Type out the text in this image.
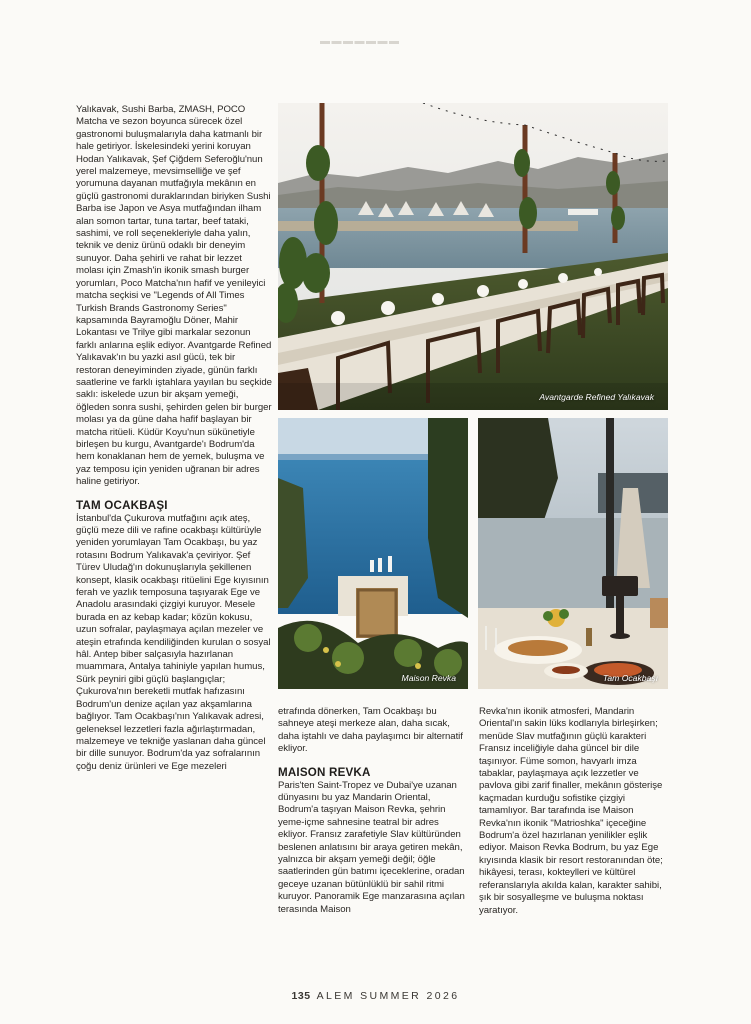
▬▬▬▬▬▬▬

Yalıkavak, Sushi Barba, ZMASH, POCO Matcha ve sezon boyunca sürecek özel gastronomi buluşmalarıyla daha katmanlı bir hale getiriyor. İskelesindeki yerini koruyan Hodan Yalıkavak, Şef Çiğdem Seferoğlu'nun yerel malzemeye, mevsimselliğe ve şef yorumuna dayanan mutfağıyla mekânın en güçlü gastronomi duraklarından biriyken Sushi Barba ise Japon ve Asya mutfağından ilham alan somon tartar, tuna tartar, beef tataki, sashimi, ve roll seçenekleriyle daha yalın, teknik ve deniz ürünü odaklı bir deneyim sunuyor. Daha şehirli ve rahat bir lezzet molası için Zmash'in ikonik smash burger yorumları, Poco Matcha'nın hafif ve yenileyici matcha seçkisi ve "Legends of All Times Turkish Brands Gastronomy Series" kapsamında Bayramoğlu Döner, Mahir Lokantası ve Trilye gibi markalar sezonun farklı anlarına eşlik ediyor. Avantgarde Refined Yalıkavak'ın bu yazki asıl gücü, tek bir restoran deneyiminden ziyade, günün farklı saatlerine ve farklı iştahlara yayılan bu seçkide saklı: iskelede uzun bir akşam yemeği, öğleden sonra sushi, şehirden gelen bir burger molası ya da güne daha hafif başlayan bir matcha ritüeli. Küdür Koyu'nun sükünetiyle birleşen bu kurgu, Avantgarde'ı Bodrum'da hem konaklanan hem de yemek, buluşma ve yaz temposu için yeniden uğranan bir adres haline getiriyor.

TAM OCAKBAŞI

İstanbul'da Çukurova mutfağını açık ateş, güçlü meze dili ve rafine ocakbaşı kültürüyle yeniden yorumlayan Tam Ocakbaşı, bu yaz rotasını Bodrum Yalıkavak'a çeviriyor. Şef Türev Uludağ'ın dokunuşlarıyla şekillenen konsept, klasik ocakbaşı ritüelini Ege kıyısının ferah ve yazlık temposuna taşıyarak Ege ve Anadolu arasındaki çizgiyi kuruyor. Mesele burada en az kebap kadar; közün kokusu, uzun sofralar, paylaşmaya açılan mezeler ve ateşin etrafında kendiliğinden kurulan o sosyal hâl. Antep biber salçasıyla hazırlanan muammara, Antalya tahiniyle yapılan humus, Sürk peyniri gibi güçlü başlangıçlar; Çukurova'nın bereketli mutfak hafızasını Bodrum'un denize açılan yaz akşamlarına bağlıyor. Tam Ocakbaşı'nın Yalıkavak adresi, geleneksel lezzetleri fazla ağırlaştırmadan, malzemeye ve tekniğe yaslanan daha güncel bir dille sunuyor. Bodrum'da yaz sofralarının çoğu deniz ürünleri ve Ege mezeleri

etrafında dönerken, Tam Ocakbaşı bu sahneye ateşi merkeze alan, daha sıcak, daha iştahlı ve daha paylaşımcı bir alternatif ekliyor.

MAISON REVKA

Paris'ten Saint-Tropez ve Dubai'ye uzanan dünyasını bu yaz Mandarin Oriental, Bodrum'a taşıyan Maison Revka, şehrin yeme-içme sahnesine teatral bir adres ekliyor. Fransız zarafetiyle Slav kültüründen beslenen anlatısını bir araya getiren mekân, yalnızca bir akşam yemeği değil; öğle saatlerinden gün batımı içeceklerine, oradan geceye uzanan bütünlüklü bir sahil ritmi kuruyor. Panoramik Ege manzarasına açılan terasında Maison

Revka'nın ikonik atmosferi, Mandarin Oriental'ın sakin lüks kodlarıyla birleşirken; menüde Slav mutfağının güçlü karakteri Fransız inceliğiyle daha güncel bir dile taşınıyor. Füme somon, havyarlı imza tabaklar, paylaşmaya açık lezzetler ve pavlova gibi zarif finaller, mekânın gösterişe kaçmadan kurduğu sofistike çizgiyi tamamlıyor. Bar tarafında ise Maison Revka'nın ikonik "Matrioshka" içeceğine Bodrum'a özel hazırlanan yenilikler eşlik ediyor. Maison Revka Bodrum, bu yaz Ege kıyısında klasik bir resort restoranından öte; hikâyesi, terası, kokteylleri ve kültürel referanslarıyla akılda kalan, karakter sahibi, şık bir sosyalleşme ve buluşma noktası yaratıyor.

Avantgarde Refined Yalıkavak
Maison Revka	Tam Ocakbaşı
135 ALEM SUMMER 2026
